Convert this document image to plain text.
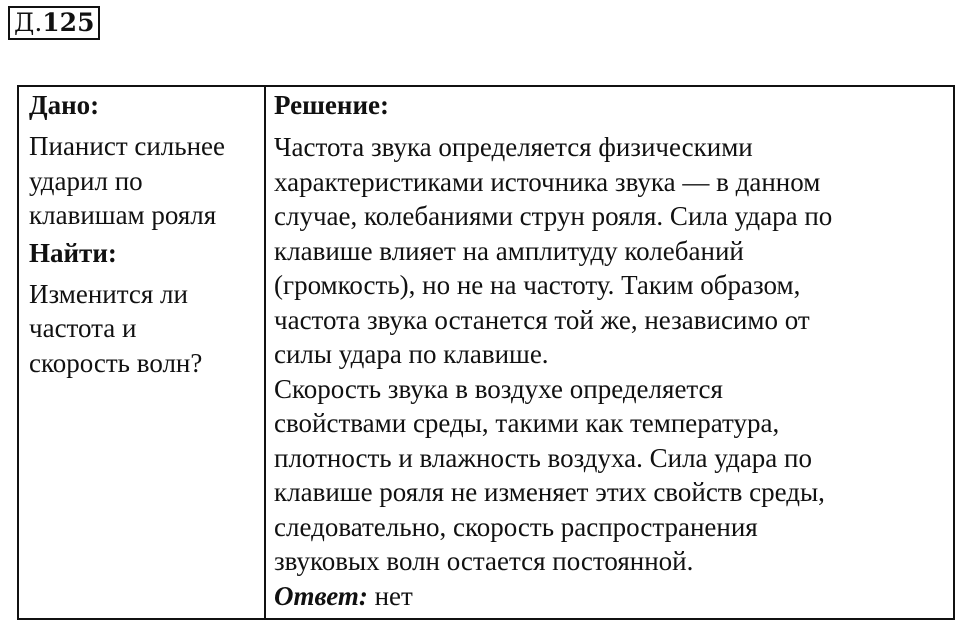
Д.125

Дано:

Пианист сильнее
ударил по
клавишам рояля

Найти:

Изменится ли
частота и
скорость волн?

Решение:

Частота звука определяется физическими
характеристиками источника звука — в данном
случае, колебаниями струн рояля. Сила удара по
клавише влияет на амплитуду колебаний
(громкость), но не на частоту. Таким образом,
частота звука останется той же, независимо от
силы удара по клавише.

Скорость звука в воздухе определяется
свойствами среды, такими как температура,
плотность и влажность воздуха. Сила удара по
клавише рояля не изменяет этих свойств среды,
следовательно, скорость распространения
звуковых волн остается постоянной.

Ответ: нет
